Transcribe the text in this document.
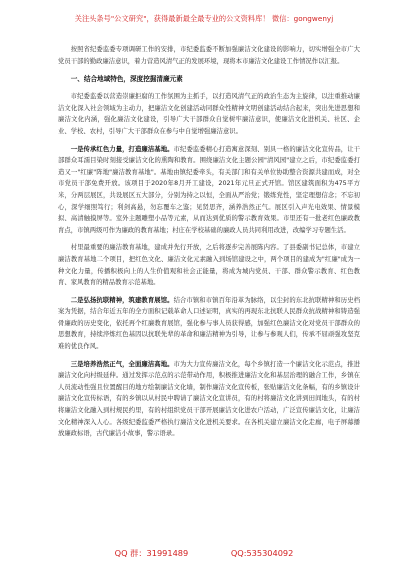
关注头条号"公文研究"，获得最新最全最专业的公文资料库！ 微信：gongwenyj
按照省纪委监委专项调研工作的安排，市纪委监委不断加强廉洁文化建设的影响力，切实增强全市广大党员干部的勤政廉洁意识，着力营造风清气正的发展环境，现将本市廉洁文化建设工作情况作以汇报。
一、结合地域特色，深度挖掘清廉元素
市纪委监委以营造崇廉拒腐的工作氛围为主抓手，以打造风清气正的政治生态为主旋律，以注重推动廉洁文化深入社会领域为主动力，把廉洁文化创建活动同群众性精神文明创建活动结合起来，突出先进思想和廉洁文化内涵，强化廉洁文化建设，引导广大干部群众自觉树牢廉洁意识，使廉洁文化进机关、社区、企业、学校、农村，引导广大干部群众在参与中自觉增强廉洁意识。
一是传承红色力量，打造廉洁基地。市纪委监委精心打造寓意深刻、别具一格的廉洁文化宣传品，让干部群众耳濡目染时刻接受廉洁文化的熏陶和教育。围绕廉洁文化主题公园"清风园"建立之后，市纪委监委打造又一"红廉"阵地"廉洁教育基地"。基地由镇纪委牵头，有关部门和有关单位协助整合资源共建而成，对全市党员干部免费开放。该项目于2020年8月开工建设，2021年元旦正式开馆。馆区建筑面积为475平方米，分两层展区，共设展区五大部分，分别为持之以恒，全面从严治党；锻练党性，坚定理想信念；不忘初心，深学细照笃行；利剑高悬，勿忘覆车之鉴；见贤思齐，涵养浩然正气。展区引入声光电效果、情景模拟、高清触摸屏等。室外主题雕塑小品等元素，从而达到优质的警示教育效果。市里还有一批老红色廉政教育点，市镇两级可作为廉政的教育基地；村庄在学校基础的廉政人员共同利用改进，改编学习专题生活。
村里最重要的廉洁教育基地，建成并先行开放，之后将逐步完善展陈内容。了县委副书记总体，市建立廉洁教育基地二个项目，把红色文化、廉洁文化元素融入到场馆建设之中，两个项目的建成为"红廉"成为一种文化力量，传播积极向上的人生价值观和社会正能量，将成为城内党员、干部、群众警示教育、红色教育、家风教育的精品教育示范基地。
二是弘扬抗联精神，筑建教育展馆。结合市镇和市镇百年沿革为脉络，以尘封的东北抗联精神和历史档案为凭据，结合年近五年的全方面积记载革命人口述证明，真实的再现东北抗联人民群众抗战精神和铸造强骨廉政的历史变化，依托再个红廉教育展馆，强化参与事人员获得感，加强红色廉洁文化对党员干部群众的思想教育，持续淬炼红色基因以抗联先辈的革命和廉洁精神为引导，让参与参观人们，传承不屈顽强攻坚克难的优良作风。
三是培养浩然正气，全面廉洁高地。市为大力宣传廉洁文化，每个乡镇打造一个廉洁文化示范点，推进廉洁文化向村级延伸。通过发挥示范点的示范带动作用，积极推进廉洁文化和基层治理的融合工作，乡镇在人员流动性强且位置醒目的地方绘制廉洁文化墙，制作廉洁文化宣传板，张贴廉洁文化条幅，有的乡镇设计廉洁文化宣传标语，有的乡镇以从村民中聘请了廉洁文化宣讲员，有的村将廉洁文化讲到田间地头，有的村将廉洁文化融入到村规民约里，有的村组织党员干部开展廉洁文化进农户活动，广泛宣传廉洁文化，让廉洁文化精神深入人心。各级纪委监委严格执行廉洁文化进机关要求。在各机关建立廉洁文化走廊，电子屏幕播放廉政标语，古代廉洁小故事，警示语录。
QQ 群：31991489	QQ:535304092
